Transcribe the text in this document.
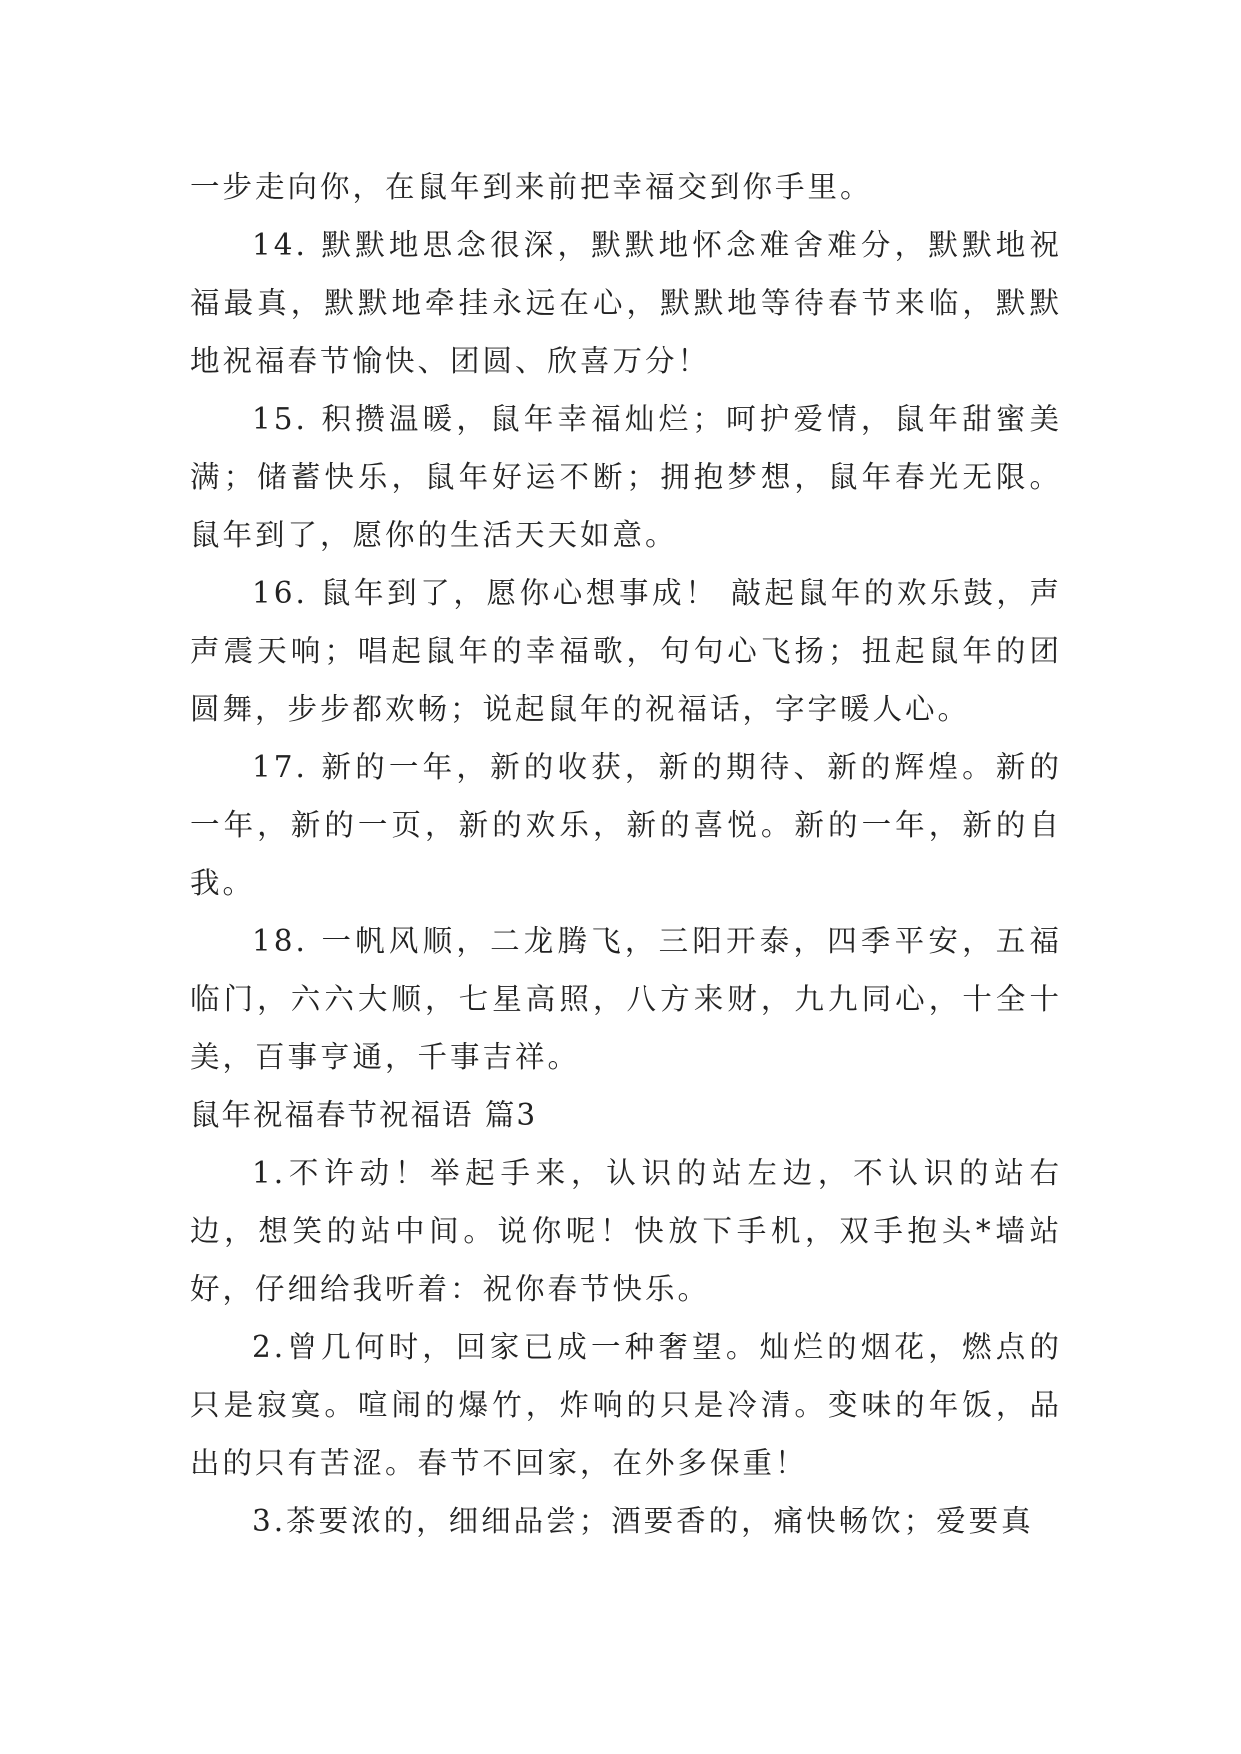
一步走向你，在鼠年到来前把幸福交到你手里。

14. 默默地思念很深，默默地怀念难舍难分，默默地祝福最真，默默地牵挂永远在心，默默地等待春节来临，默默地祝福春节愉快、团圆、欣喜万分！

15. 积攒温暖，鼠年幸福灿烂；呵护爱情，鼠年甜蜜美满；储蓄快乐，鼠年好运不断；拥抱梦想，鼠年春光无限。鼠年到了，愿你的生活天天如意。

16. 鼠年到了，愿你心想事成！ 敲起鼠年的欢乐鼓，声声震天响；唱起鼠年的幸福歌，句句心飞扬；扭起鼠年的团圆舞，步步都欢畅；说起鼠年的祝福话，字字暖人心。

17. 新的一年，新的收获，新的期待、新的辉煌。新的一年，新的一页，新的欢乐，新的喜悦。新的一年，新的自我。

18. 一帆风顺，二龙腾飞，三阳开泰，四季平安，五福临门，六六大顺，七星高照，八方来财，九九同心，十全十美，百事亨通，千事吉祥。

鼠年祝福春节祝福语 篇3

1.不许动！举起手来，认识的站左边，不认识的站右边，想笑的站中间。说你呢！快放下手机，双手抱头*墙站好，仔细给我听着：祝你春节快乐。

2.曾几何时，回家已成一种奢望。灿烂的烟花，燃点的只是寂寞。喧闹的爆竹，炸响的只是冷清。变味的年饭，品出的只有苦涩。春节不回家，在外多保重！

3.茶要浓的，细细品尝；酒要香的，痛快畅饮；爱要真
